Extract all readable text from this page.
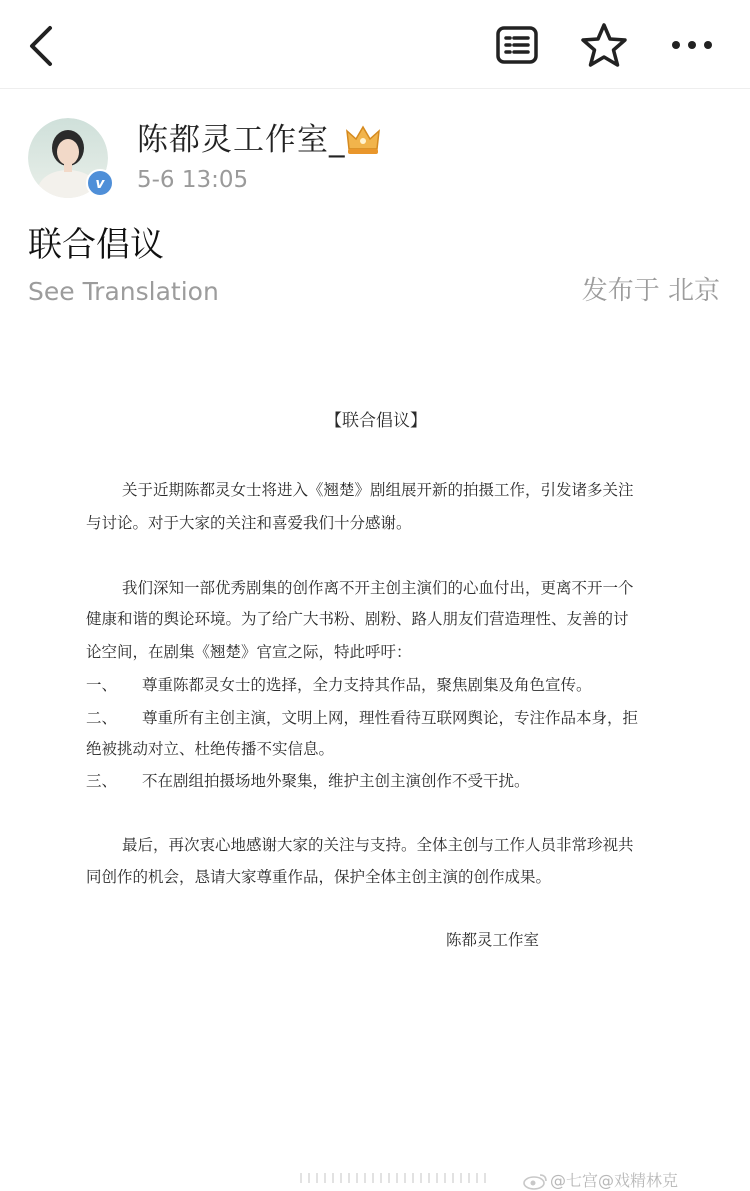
v
陈都灵工作室_
5-6 13:05
联合倡议
See Translation	发布于 北京
【联合倡议】
关于近期陈都灵女士将进入《翘楚》剧组展开新的拍摄工作，引发诸多关注
与讨论。对于大家的关注和喜爱我们十分感谢。
我们深知一部优秀剧集的创作离不开主创主演们的心血付出，更离不开一个
健康和谐的舆论环境。为了给广大书粉、剧粉、路人朋友们营造理性、友善的讨
论空间，在剧集《翘楚》官宣之际，特此呼吁：
一、 尊重陈都灵女士的选择，全力支持其作品，聚焦剧集及角色宣传。
二、 尊重所有主创主演，文明上网，理性看待互联网舆论，专注作品本身，拒
绝被挑动对立、杜绝传播不实信息。
三、 不在剧组拍摄场地外聚集，维护主创主演创作不受干扰。
最后，再次衷心地感谢大家的关注与支持。全体主创与工作人员非常珍视共
同创作的机会，恳请大家尊重作品，保护全体主创主演的创作成果。
陈都灵工作室
@七宫@戏精林克
